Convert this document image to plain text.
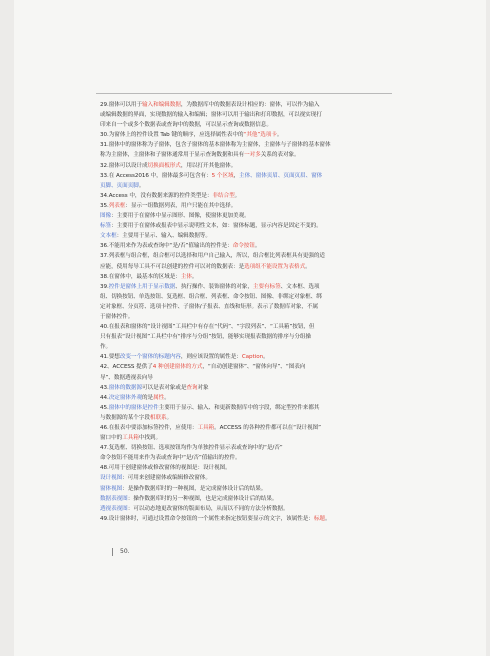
29.窗体可以用于输入和编辑数据，为数据库中的数据表设计相应的：窗体，可以作为输入
或编辑数据的界面，实现数据的输入和编辑；窗体可以用于输出和打印数据，可以视实现打
印来自一个或多个数据表或查询中的数据，可以显示查询或数据信息。
30.为窗体上的控件设置 Tab 键的顺序，应选择属性表中的“其他”选项卡。
31.窗体中的窗体称为子窗体，包含子窗体的基本窗体称为主窗体，主窗体与子窗体的基本窗体
称为主窗体，主窗体和子窗体通常用于显示查询数据和具有一对多关系的表对象。
32.窗体可以设计成切换面板形式，用以打开其他窗体。
33.在 Access2016 中，窗体最多可包含有：5 个区域，主体、窗体页眉、页面页眉、窗体
页脚、页面页脚。
34.Access 中，没有数据来源的控件类型是：非结合型。
35.列表框：显示一组数据列表，用户只能在其中选择。
图像：主要用于在窗体中显示图形、图像，使窗体更加美观。
标签：主要用于在窗体或报表中显示说明性文本，如：窗体标题，显示内容是固定不变的。
文本框：主要用于显示、输入、编辑数据等。
36.不能用来作为表或查询中“是/否”值输出的控件是：命令按钮。
37.列表框与组合框，组合框可以选择和用户自己输入，所以，组合框比列表框具有更强的适
应能，使用每导工具不可以创建的控件可以对的数据表：是选项组不能设置为表格式。
38.在窗体中，最基本的区域是：主体。
39.控件是窗体上用于显示数据、执行操作、装饰窗体的对象，主要有标签、文本框、选项
组、切换按钮、单选按钮、复选框、组合框、列表框、命令按钮、图像、非绑定对象框、绑
定对象框、分页符、选项卡控件、子窗体/子报表、直线和矩形。表示了数据库对象，不属
于窗体控件。
40.在报表和窗体的“设计视图”工具栏中有存在“代码”、“字段列表”、“工具箱”按钮，但
只有报表“设计视图”工具栏中有“排序与分组”按钮，能够实现报表数据的排序与分组操
作。
41.要想改变一个窗体的标题内容，则应该设置的属性是：Caption。
42、ACCESS 提供了4 种创建窗体的方式，“自动创建窗体”、“窗体向导”、“图表向
导”、数据透视表向导
43.窗体的数据源可以是表对象或是查询对象
44.决定窗体外观的是属性。
45.窗体中的窗体是控件主要用于显示、输入、和更新数据库中的字段，绑定型控件来都其
与数据源的某个字段相联系。
46.在报表中要添加标签控件，应使用：工具箱。ACCESS 的各种控件都可以在“设计视图”
窗口中的工具箱中找到。
47.复选框、切换按钮、选项按钮均作为单独控件显示表或查询中的“是/否”
命令按钮不能用来作为表或查询中“是/否”值输出的控件。
48.可用于创建窗体或修改窗体的视图是：设计视图。
设计视图：可用来创建窗体或编辑修改窗体。
窗体视图：是操作数据库时的一种视图，是完成窗体设计后的结果。
数据表视图：操作数据库时的另一种视图，也是完成窗体设计后的结果。
透视表视图：可以动态地更改窗体的版面布局，从而以不同的方法分析数据。
49.设计窗体时，可通过设置命令按钮的一个属性来指定按钮要显示的文字，该属性是：标题。
50.
